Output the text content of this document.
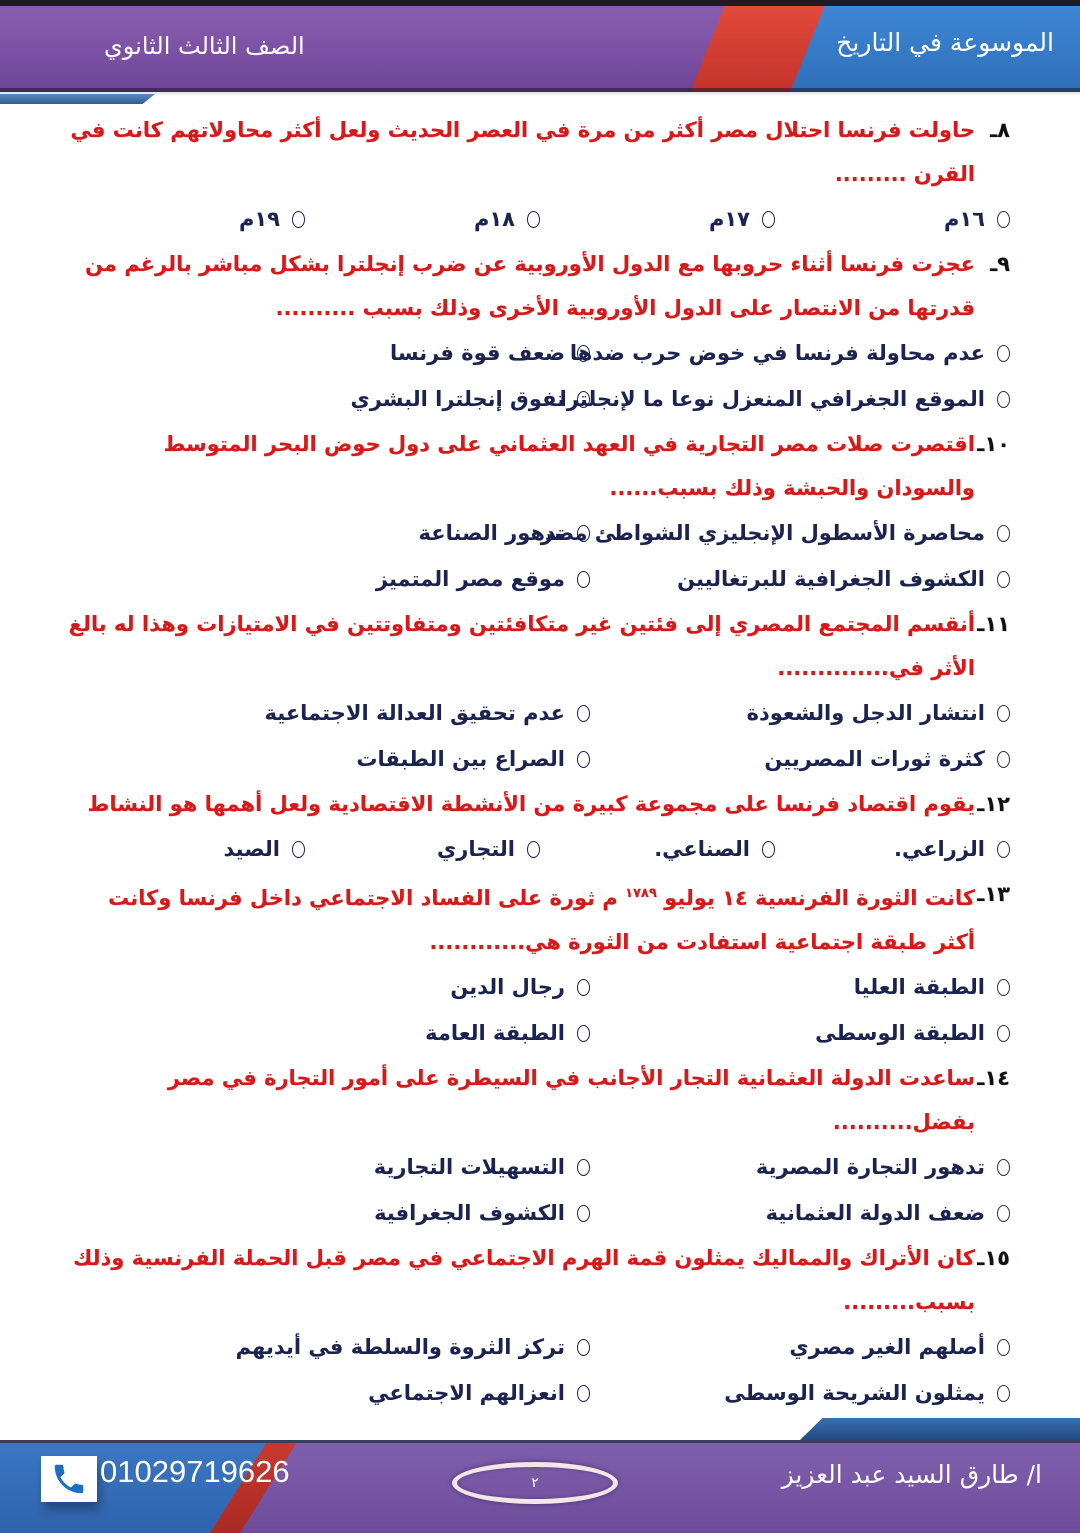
الموسوعة في التاريخ
الصف الثالث الثانوي
٨ـ
حاولت فرنسا احتلال مصر أكثر من مرة في العصر الحديث ولعل أكثر محاولاتهم كانت في القرن .........
١٦م
١٧م
١٨م
١٩م
٩ـ
عجزت فرنسا أثناء حروبها مع الدول الأوروبية عن ضرب إنجلترا بشكل مباشر بالرغم من قدرتها من الانتصار على الدول الأوروبية الأخرى وذلك بسبب ..........
عدم محاولة فرنسا في خوض حرب ضدها
ضعف قوة فرنسا
الموقع الجغرافي المنعزل نوعا ما لإنجلترا
تفوق إنجلترا البشري
١٠ـ
اقتصرت صلات مصر التجارية في العهد العثماني على دول حوض البحر المتوسط والسودان والحبشة وذلك بسبب......
محاصرة الأسطول الإنجليزي الشواطئ مصر
تدهور الصناعة
الكشوف الجغرافية للبرتغاليين
موقع مصر المتميز
١١ـ
أنقسم المجتمع المصري إلى فئتين غير متكافئتين ومتفاوتتين في الامتيازات وهذا له بالغ الأثر في..............
انتشار الدجل والشعوذة
عدم تحقيق العدالة الاجتماعية
كثرة ثورات المصريين
الصراع بين الطبقات
١٢ـ
يقوم اقتصاد فرنسا على مجموعة كبيرة من الأنشطة الاقتصادية ولعل أهمها هو النشاط
الزراعي.
الصناعي.
التجاري
الصيد
١٣ـ
كانت الثورة الفرنسية ١٤ يوليو $^{١٧٨٩}$ م ثورة على الفساد الاجتماعي داخل فرنسا وكانت أكثر طبقة اجتماعية استفادت من الثورة هي............
الطبقة العليا
رجال الدين
الطبقة الوسطى
الطبقة العامة
١٤ـ
ساعدت الدولة العثمانية التجار الأجانب في السيطرة على أمور التجارة في مصر بفضل..........
تدهور التجارة المصرية
التسهيلات التجارية
ضعف الدولة العثمانية
الكشوف الجغرافية
١٥ـ
كان الأتراك والمماليك يمثلون قمة الهرم الاجتماعي في مصر قبل الحملة الفرنسية وذلك بسبب.........
أصلهم الغير مصري
تركز الثروة والسلطة في أيديهم
يمثلون الشريحة الوسطى
انعزالهم الاجتماعي
01029719626	٢	ا/ طارق السيد عبد العزيز
